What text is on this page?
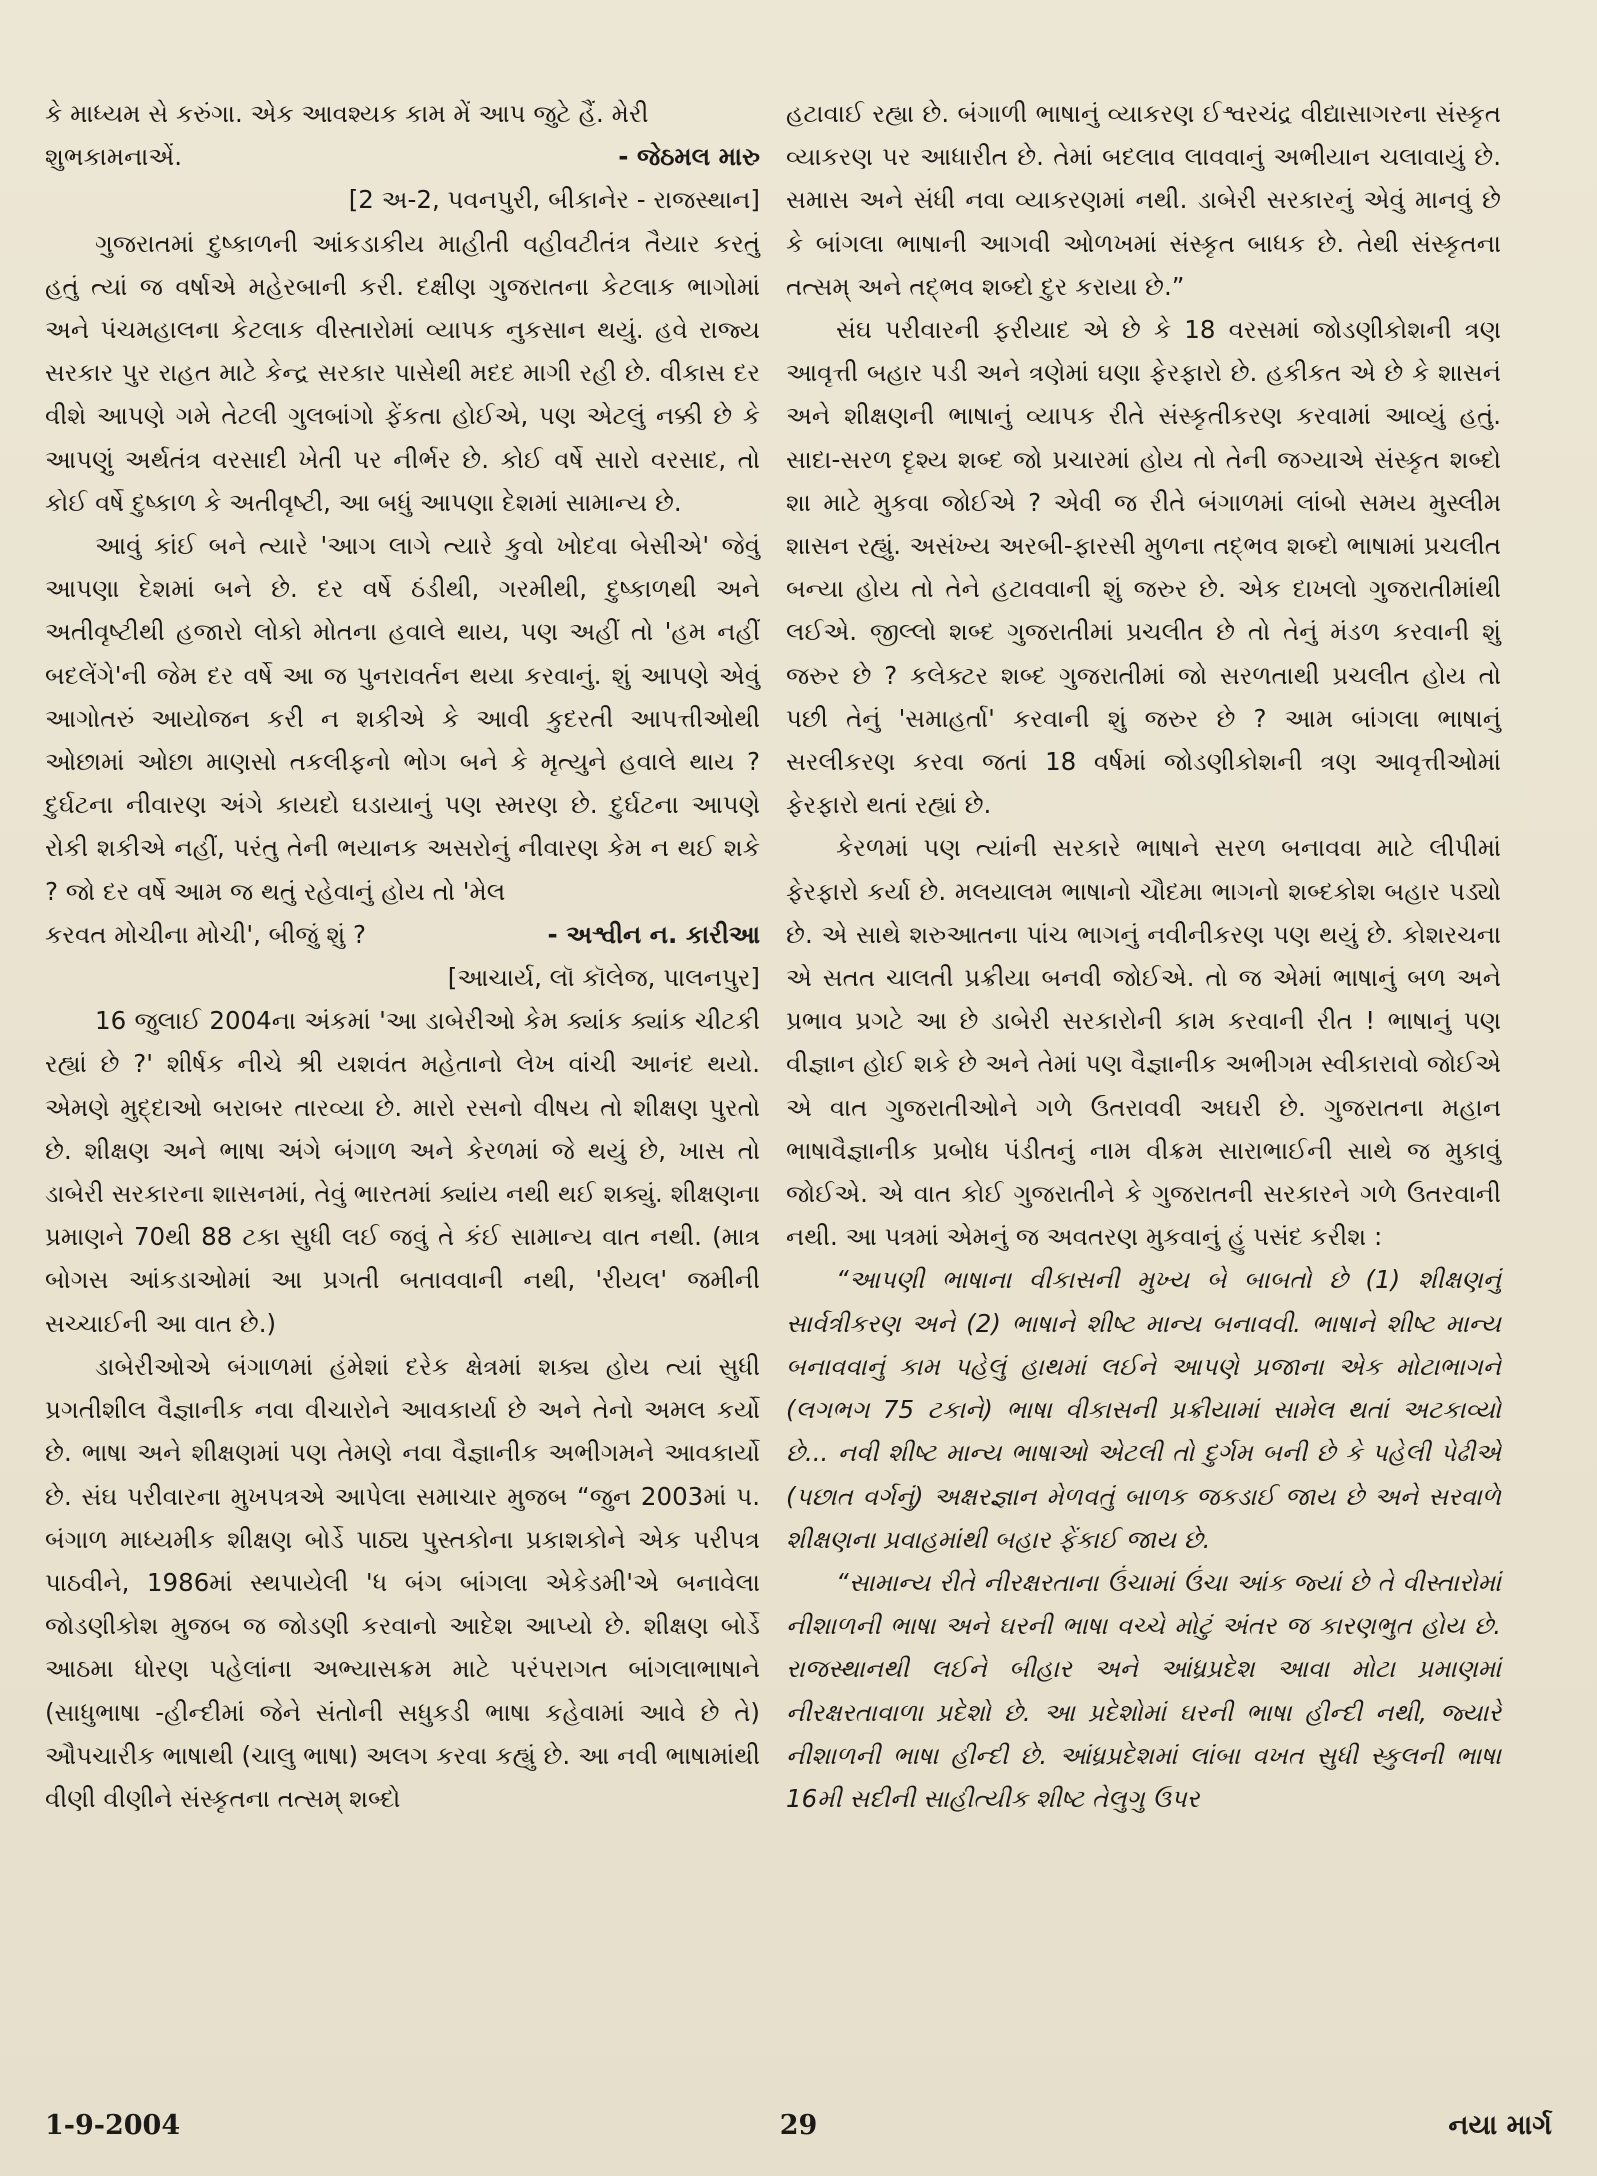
કે માધ્યમ સે કરુંગા. એક આવશ્યક કામ મેં આપ જુટે હૈં. મેરી

શુભકામનાએં.	- જેઠમલ મારુ

[2 અ-2, પવનપુરી, બીકાનેર - રાજસ્થાન]

ગુજરાતમાં દુષ્કાળની આંકડાકીય માહીતી વહીવટીતંત્ર તૈયાર કરતું હતું ત્યાં જ વર્ષાએ મહેરબાની કરી. દક્ષીણ ગુજરાતના કેટલાક ભાગોમાં અને પંચમહાલના કેટલાક વીસ્તારોમાં વ્યાપક નુકસાન થયું. હવે રાજ્ય સરકાર પુર રાહત માટે કેન્દ્ર સરકાર પાસેથી મદદ માગી રહી છે. વીકાસ દર વીશે આપણે ગમે તેટલી ગુલબાંગો ફેંકતા હોઈએ, પણ એટલું નક્કી છે કે આપણું અર્થતંત્ર વરસાદી ખેતી પર નીર્ભર છે. કોઈ વર્ષે સારો વરસાદ, તો કોઈ વર્ષે દુષ્કાળ કે અતીવૃષ્ટી, આ બધું આપણા દેશમાં સામાન્ય છે.

આવું કાંઈ બને ત્યારે 'આગ લાગે ત્યારે કુવો ખોદવા બેસીએ' જેવું આપણા દેશમાં બને છે. દર વર્ષે ઠંડીથી, ગરમીથી, દુષ્કાળથી અને અતીવૃષ્ટીથી હજારો લોકો મોતના હવાલે થાય, પણ અહીં તો 'હમ નહીં બદલેંગે'ની જેમ દર વર્ષે આ જ પુનરાવર્તન થયા કરવાનું. શું આપણે એવું આગોતરું આયોજન કરી ન શકીએ કે આવી કુદરતી આપત્તીઓથી ઓછામાં ઓછા માણસો તકલીફનો ભોગ બને કે મૃત્યુને હવાલે થાય ? દુર્ઘટના નીવારણ અંગે કાયદો ઘડાયાનું પણ સ્મરણ છે. દુર્ઘટના આપણે રોકી શકીએ નહીં, પરંતુ તેની ભયાનક અસરોનું નીવારણ કેમ ન થઈ શકે ? જો દર વર્ષે આમ જ થતું રહેવાનું હોય તો 'મેલ

કરવત મોચીના મોચી', બીજું શું ?	- અશ્વીન ન. કારીઆ

[આચાર્ય, લૉ કૉલેજ, પાલનપુર]

16 જુલાઈ 2004ના અંકમાં 'આ ડાબેરીઓ કેમ ક્યાંક ક્યાંક ચીટકી રહ્યાં છે ?' શીર્ષક નીચે શ્રી યશવંત મહેતાનો લેખ વાંચી આનંદ થયો. એમણે મુદ્દાઓ બરાબર તારવ્યા છે. મારો રસનો વીષય તો શીક્ષણ પુરતો છે. શીક્ષણ અને ભાષા અંગે બંગાળ અને કેરળમાં જે થયું છે, ખાસ તો ડાબેરી સરકારના શાસનમાં, તેવું ભારતમાં ક્યાંય નથી થઈ શક્યું. શીક્ષણના પ્રમાણને 70થી 88 ટકા સુધી લઈ જવું તે કંઈ સામાન્ય વાત નથી. (માત્ર બોગસ આંકડાઓમાં આ પ્રગતી બતાવવાની નથી, 'રીયલ' જમીની સચ્ચાઈની આ વાત છે.)

ડાબેરીઓએ બંગાળમાં હંમેશાં દરેક ક્ષેત્રમાં શક્ય હોય ત્યાં સુધી પ્રગતીશીલ વૈજ્ઞાનીક નવા વીચારોને આવકાર્યા છે અને તેનો અમલ કર્યો છે. ભાષા અને શીક્ષણમાં પણ તેમણે નવા વૈજ્ઞાનીક અભીગમને આવકાર્યો છે. સંઘ પરીવારના મુખપત્રએ આપેલા સમાચાર મુજબ “જુન 2003માં પ. બંગાળ માધ્યમીક શીક્ષણ બોર્ડે પાઠ્ય પુસ્તકોના પ્રકાશકોને એક પરીપત્ર પાઠવીને, 1986માં સ્થપાયેલી 'ધ બંગ બાંગલા એકેડમી'એ બનાવેલા જોડણીકોશ મુજબ જ જોડણી કરવાનો આદેશ આપ્યો છે. શીક્ષણ બોર્ડે આઠમા ધોરણ પહેલાંના અભ્યાસક્રમ માટે પરંપરાગત બાંગલાભાષાને (સાધુભાષા -હીન્દીમાં જેને સંતોની સધુકડી ભાષા કહેવામાં આવે છે તે) ઔપચારીક ભાષાથી (ચાલુ ભાષા) અલગ કરવા કહ્યું છે. આ નવી ભાષામાંથી વીણી વીણીને સંસ્કૃતના તત્સમ્ શબ્દો

હટાવાઈ રહ્યા છે. બંગાળી ભાષાનું વ્યાકરણ ઈશ્વરચંદ્ર વીદ્યાસાગરના સંસ્કૃત વ્યાકરણ પર આધારીત છે. તેમાં બદલાવ લાવવાનું અભીયાન ચલાવાયું છે. સમાસ અને સંધી નવા વ્યાકરણમાં નથી. ડાબેરી સરકારનું એવું માનવું છે કે બાંગલા ભાષાની આગવી ઓળખમાં સંસ્કૃત બાધક છે. તેથી સંસ્કૃતના તત્સમ્ અને તદ્ભવ શબ્દો દુર કરાયા છે.”

સંઘ પરીવારની ફરીયાદ એ છે કે 18 વરસમાં જોડણીકોશની ત્રણ આવૃત્તી બહાર પડી અને ત્રણેમાં ઘણા ફેરફારો છે. હકીકત એ છે કે શાસનં અને શીક્ષણની ભાષાનું વ્યાપક રીતે સંસ્કૃતીકરણ કરવામાં આવ્યું હતું. સાદા-સરળ દૃશ્ય શબ્દ જો પ્રચારમાં હોય તો તેની જગ્યાએ સંસ્કૃત શબ્દો શા માટે મુકવા જોઈએ ? એવી જ રીતે બંગાળમાં લાંબો સમય મુસ્લીમ શાસન રહ્યું. અસંખ્ય અરબી-ફારસી મુળના તદ્ભવ શબ્દો ભાષામાં પ્રચલીત બન્યા હોય તો તેને હટાવવાની શું જરુર છે. એક દાખલો ગુજરાતીમાંથી લઈએ. જીલ્લો શબ્દ ગુજરાતીમાં પ્રચલીત છે તો તેનું મંડળ કરવાની શું જરુર છે ? કલેક્ટર શબ્દ ગુજરાતીમાં જો સરળતાથી પ્રચલીત હોય તો પછી તેનું 'સમાહર્તા' કરવાની શું જરુર છે ? આમ બાંગલા ભાષાનું સરલીકરણ કરવા જતાં 18 વર્ષમાં જોડણીકોશની ત્રણ આવૃત્તીઓમાં ફેરફારો થતાં રહ્યાં છે.

કેરળમાં પણ ત્યાંની સરકારે ભાષાને સરળ બનાવવા માટે લીપીમાં ફેરફારો કર્યા છે. મલયાલમ ભાષાનો ચૌદમા ભાગનો શબ્દકોશ બહાર પડ્યો છે. એ સાથે શરુઆતના પાંચ ભાગનું નવીનીકરણ પણ થયું છે. કોશરચના એ સતત ચાલતી પ્રક્રીયા બનવી જોઈએ. તો જ એમાં ભાષાનું બળ અને પ્રભાવ પ્રગટે આ છે ડાબેરી સરકારોની કામ કરવાની રીત ! ભાષાનું પણ વીજ્ઞાન હોઈ શકે છે અને તેમાં પણ વૈજ્ઞાનીક અભીગમ સ્વીકારાવો જોઈએ એ વાત ગુજરાતીઓને ગળે ઉતરાવવી અઘરી છે. ગુજરાતના મહાન ભાષાવૈજ્ઞાનીક પ્રબોધ પંડીતનું નામ વીક્રમ સારાભાઈની સાથે જ મુકાવું જોઈએ. એ વાત કોઈ ગુજરાતીને કે ગુજરાતની સરકારને ગળે ઉતરવાની નથી. આ પત્રમાં એમનું જ અવતરણ મુકવાનું હું પસંદ કરીશ :

“આપણી ભાષાના વીકાસની મુખ્ય બે બાબતો છે (1) શીક્ષણનું સાર્વત્રીકરણ અને (2) ભાષાને શીષ્ટ માન્ય બનાવવી. ભાષાને શીષ્ટ માન્ય બનાવવાનું કામ પહેલું હાથમાં લઈને આપણે પ્રજાના એક મોટાભાગને (લગભગ 75 ટકાને) ભાષા વીકાસની પ્રક્રીયામાં સામેલ થતાં અટકાવ્યો છે... નવી શીષ્ટ માન્ય ભાષાઓ એટલી તો દુર્ગમ બની છે કે પહેલી પેઢીએ (પછાત વર્ગનું) અક્ષરજ્ઞાન મેળવતું બાળક જકડાઈ જાય છે અને સરવાળે શીક્ષણના પ્રવાહમાંથી બહાર ફેંકાઈ જાય છે.

“સામાન્ય રીતે નીરક્ષરતાના ઉંચામાં ઉંચા આંક જ્યાં છે તે વીસ્તારોમાં નીશાળની ભાષા અને ઘરની ભાષા વચ્ચે મોટું અંતર જ કારણભુત હોય છે. રાજસ્થાનથી લઈને બીહાર અને આંધ્રપ્રદેશ આવા મોટા પ્રમાણમાં નીરક્ષરતાવાળા પ્રદેશો છે. આ પ્રદેશોમાં ઘરની ભાષા હીન્દી નથી, જ્યારે નીશાળની ભાષા હીન્દી છે. આંધ્રપ્રદેશમાં લાંબા વખત સુધી સ્કુલની ભાષા 16મી સદીની સાહીત્યીક શીષ્ટ તેલુગુ ઉપર

1-9-2004	29	નયા માર્ગ
